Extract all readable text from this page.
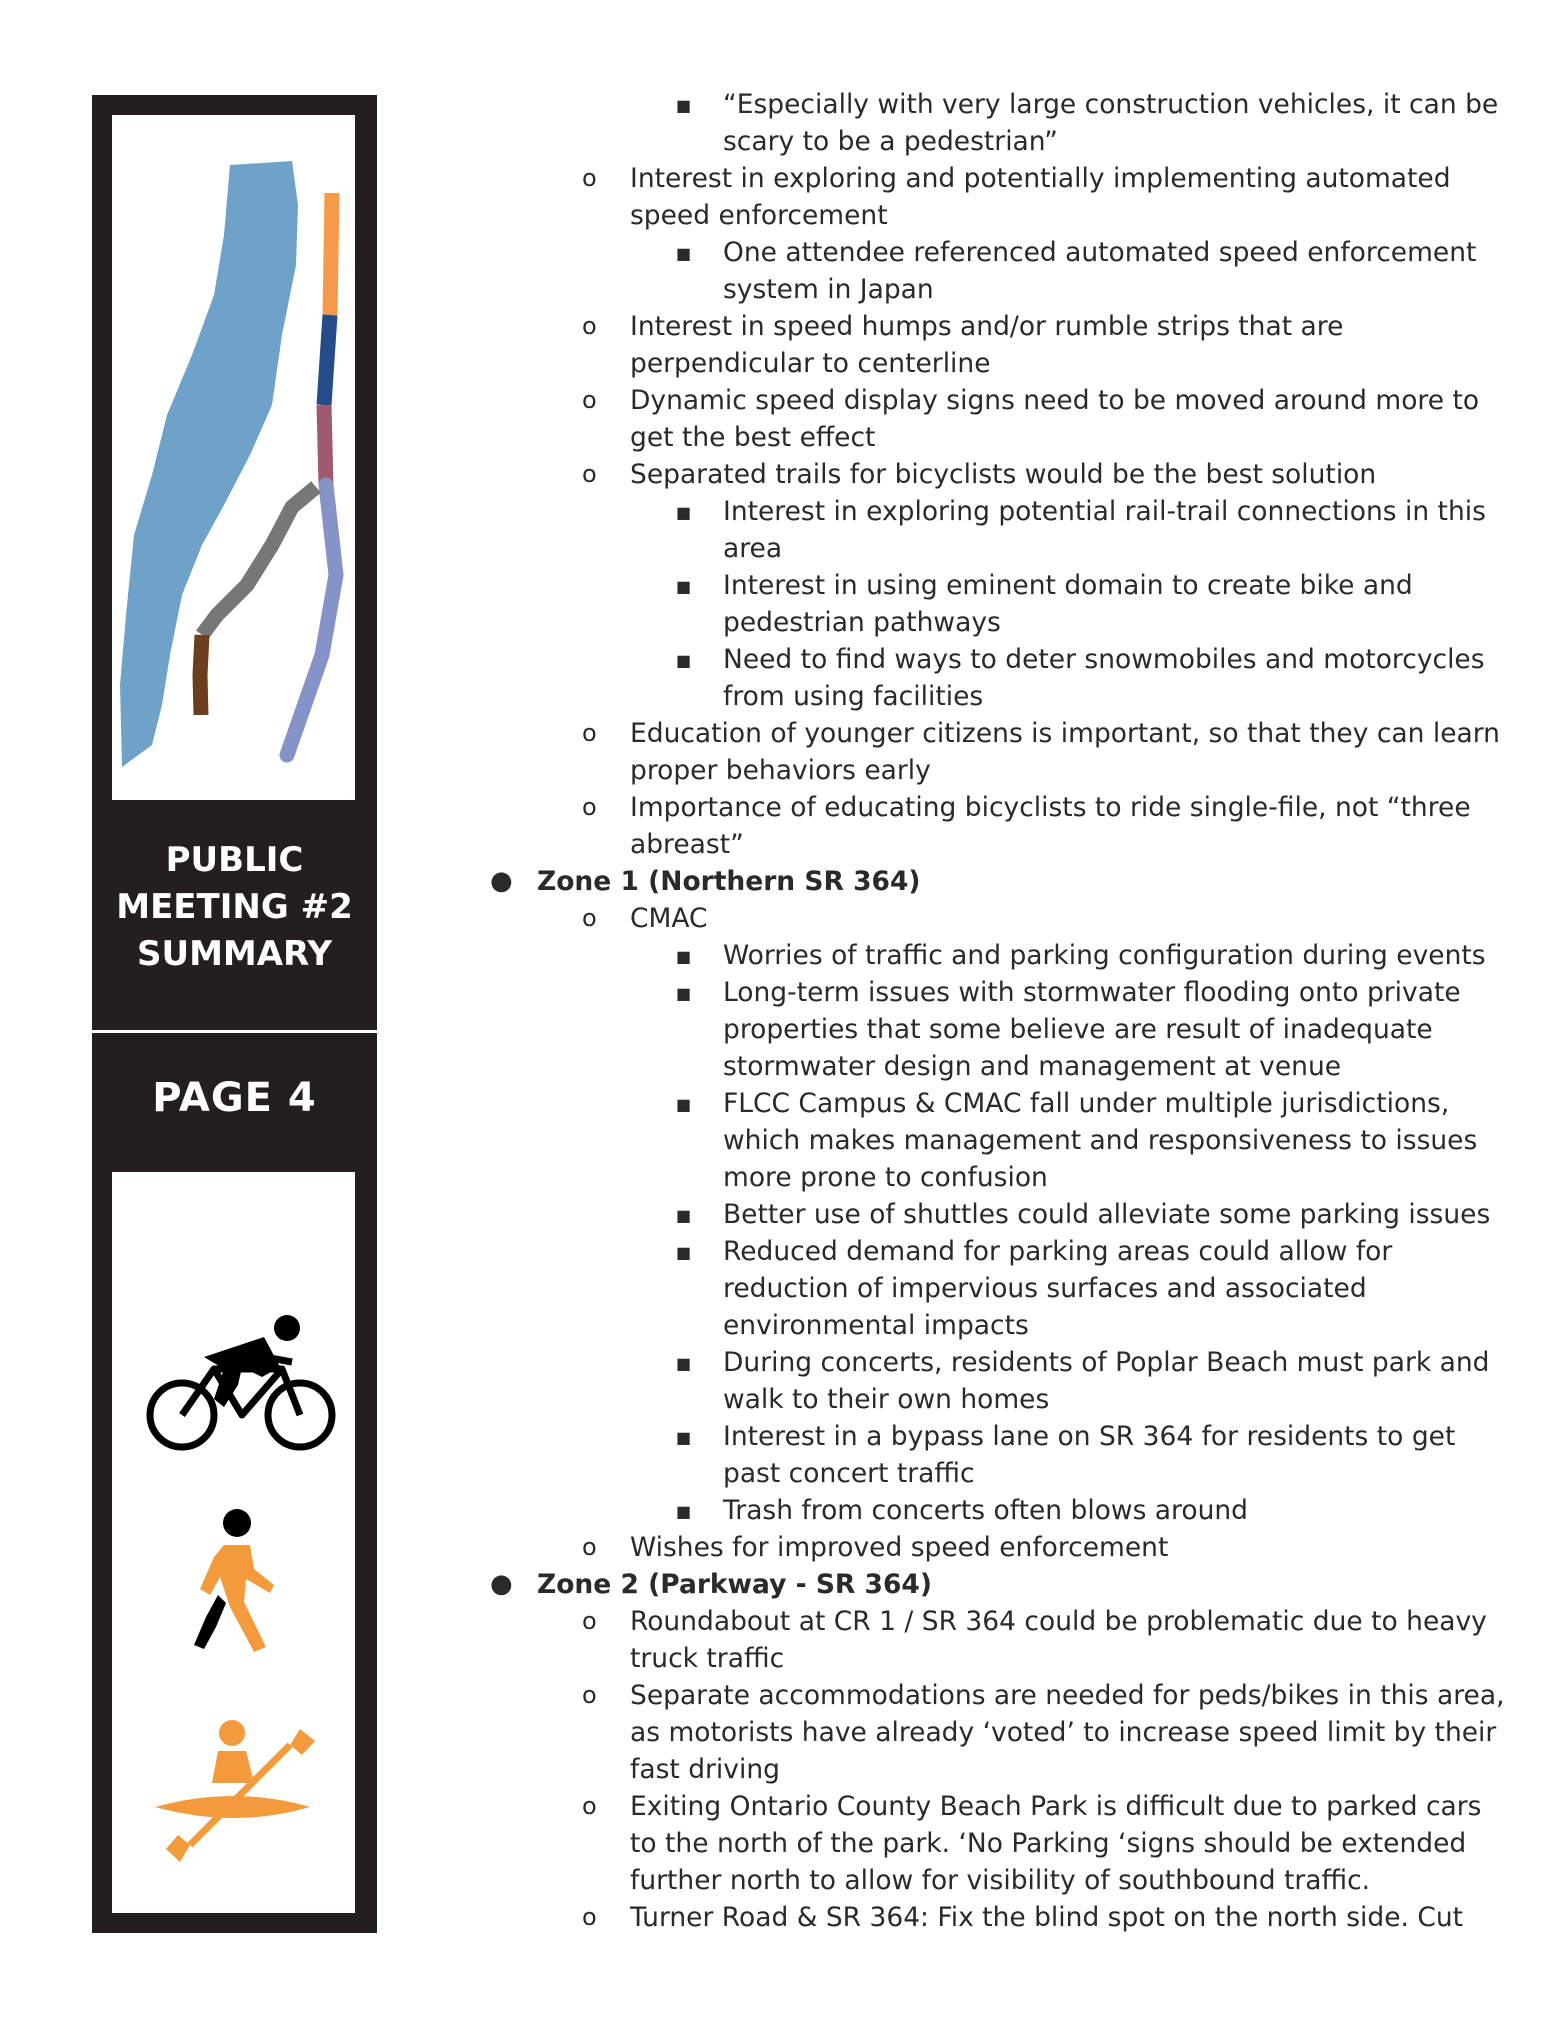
PUBLIC
MEETING #2
SUMMARY
PAGE 4
■ “Especially with very large construction vehicles, it can be scary to be a pedestrian”
o Interest in exploring and potentially implementing automated speed enforcement
■ One attendee referenced automated speed enforcement system in Japan
o Interest in speed humps and/or rumble strips that are perpendicular to centerline
o Dynamic speed display signs need to be moved around more to get the best effect
o Separated trails for bicyclists would be the best solution
■ Interest in exploring potential rail-trail connections in this area
■ Interest in using eminent domain to create bike and pedestrian pathways
■ Need to find ways to deter snowmobiles and motorcycles from using facilities
o Education of younger citizens is important, so that they can learn proper behaviors early
o Importance of educating bicyclists to ride single-file, not “three abreast”
● Zone 1 (Northern SR 364)
o CMAC
■ Worries of traffic and parking configuration during events
■ Long-term issues with stormwater flooding onto private properties that some believe are result of inadequate stormwater design and management at venue
■ FLCC Campus & CMAC fall under multiple jurisdictions, which makes management and responsiveness to issues more prone to confusion
■ Better use of shuttles could alleviate some parking issues
■ Reduced demand for parking areas could allow for reduction of impervious surfaces and associated environmental impacts
■ During concerts, residents of Poplar Beach must park and walk to their own homes
■ Interest in a bypass lane on SR 364 for residents to get past concert traffic
■ Trash from concerts often blows around
o Wishes for improved speed enforcement
● Zone 2 (Parkway - SR 364)
o Roundabout at CR 1 / SR 364 could be problematic due to heavy truck traffic
o Separate accommodations are needed for peds/bikes in this area, as motorists have already ‘voted’ to increase speed limit by their fast driving
o Exiting Ontario County Beach Park is difficult due to parked cars to the north of the park. ‘No Parking ‘signs should be extended further north to allow for visibility of southbound traffic.
o Turner Road & SR 364: Fix the blind spot on the north side. Cut
